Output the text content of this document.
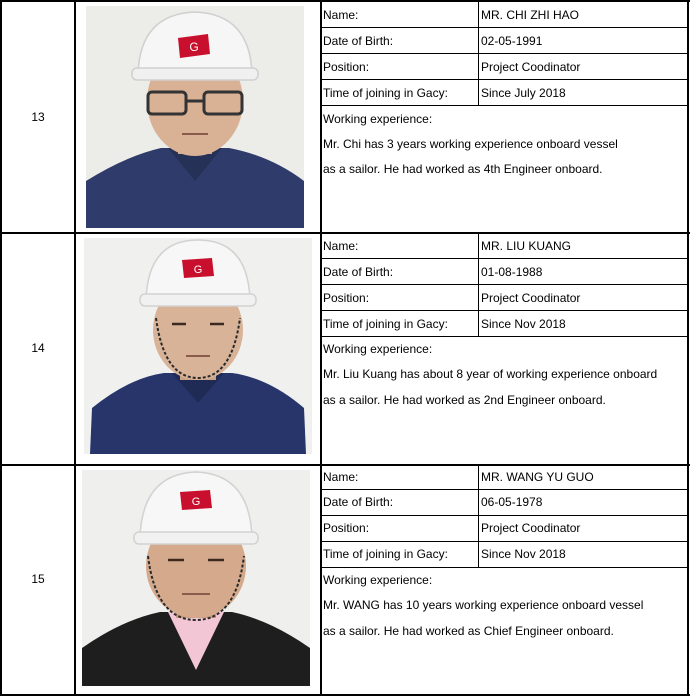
13
G
Name:	MR. CHI ZHI HAO
Date of Birth:	02-05-1991
Position:	Project Coodinator
Time of joining in Gacy:	Since July 2018
Working experience:
Mr. Chi has 3 years working experience onboard vessel
as a sailor. He had worked as 4th Engineer onboard.
14
G
Name:	MR. LIU KUANG
Date of Birth:	01-08-1988
Position:	Project Coodinator
Time of joining in Gacy:	Since Nov 2018
Working experience:
Mr. Liu Kuang has about 8 year of working experience onboard
as a sailor. He had worked as 2nd Engineer onboard.
15
G
Name:	MR. WANG YU GUO
Date of Birth:	06-05-1978
Position:	Project Coodinator
Time of joining in Gacy:	Since Nov 2018
Working experience:
Mr. WANG has 10 years working experience onboard vessel
as a sailor. He had worked as Chief Engineer onboard.
